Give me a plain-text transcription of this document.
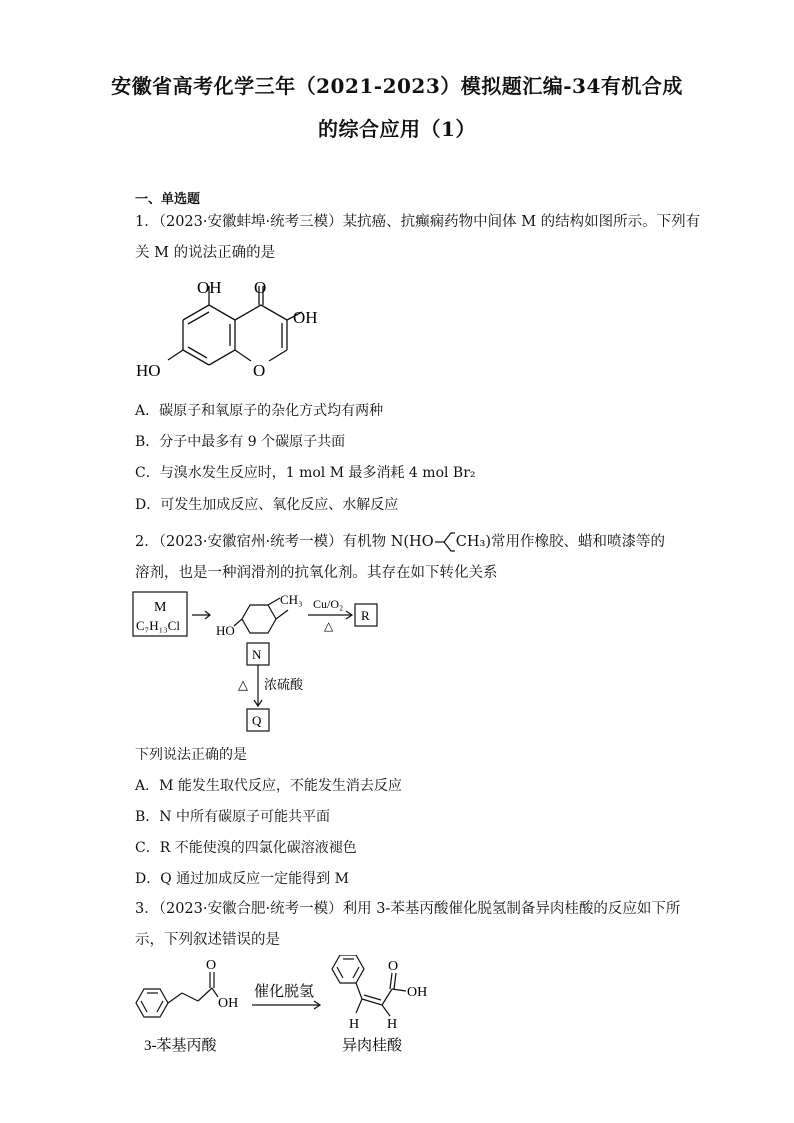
安徽省高考化学三年（2021-2023）模拟题汇编-34有机合成
的综合应用（1）
一、单选题
1．（2023·安徽蚌埠·统考三模）某抗癌、抗癫痫药物中间体 M 的结构如图所示。下列有
关 M 的说法正确的是
OH O
OH
HO	O
A．碳原子和氧原子的杂化方式均有两种
B．分子中最多有 9 个碳原子共面
C．与溴水发生反应时，1 mol M 最多消耗 4 mol Br₂
D．可发生加成反应、氧化反应、水解反应
2．（2023·安徽宿州·统考一模）有机物 N(HO CH₃)常用作橡胶、蜡和喷漆等的
溶剂，也是一种润滑剂的抗氧化剂。其存在如下转化关系
M
C₇H₁₃Cl
CH₃
HO
Cu/O₂
△
R
N
△ 浓硫酸
Q
下列说法正确的是
A．M 能发生取代反应，不能发生消去反应
B．N 中所有碳原子可能共平面
C．R 不能使溴的四氯化碳溶液褪色
D．Q 通过加成反应一定能得到 M
3．（2023·安徽合肥·统考一模）利用 3-苯基丙酸催化脱氢制备异肉桂酸的反应如下所
示，下列叙述错误的是
O
OH
3-苯基丙酸
催化脱氢
O
OH
H H
异肉桂酸
